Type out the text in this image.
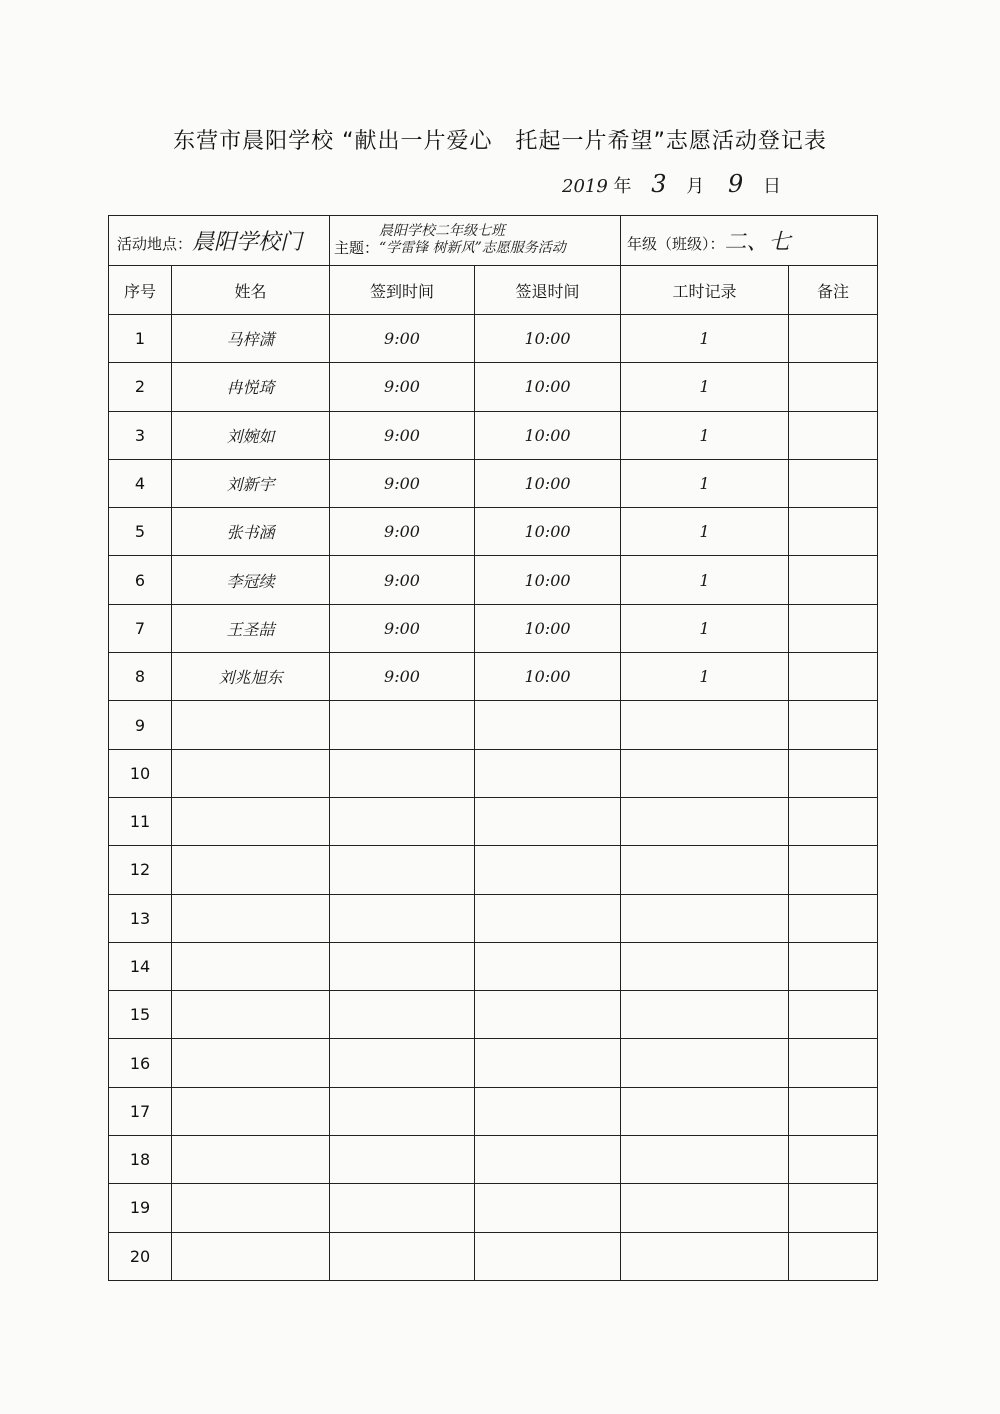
东营市晨阳学校 “献出一片爱心　托起一片希望”志愿活动登记表
2019 年 3 月 9 日
活动地点：晨阳学校门		主题：
晨阳学校二年级七班
“学雷锋 树新风”志愿服务活动		年级（班级）：二、七	
序号	姓名	签到时间	签退时间	工时记录	备注
1	马梓潇	9:00	10:00	1	
2	冉悦琦	9:00	10:00	1	
3	刘婉如	9:00	10:00	1	
4	刘新宇	9:00	10:00	1	
5	张书涵	9:00	10:00	1	
6	李冠续	9:00	10:00	1	
7	王圣喆	9:00	10:00	1	
8	刘兆旭东	9:00	10:00	1	
9					
10					
11					
12					
13					
14					
15					
16					
17					
18					
19					
20					
